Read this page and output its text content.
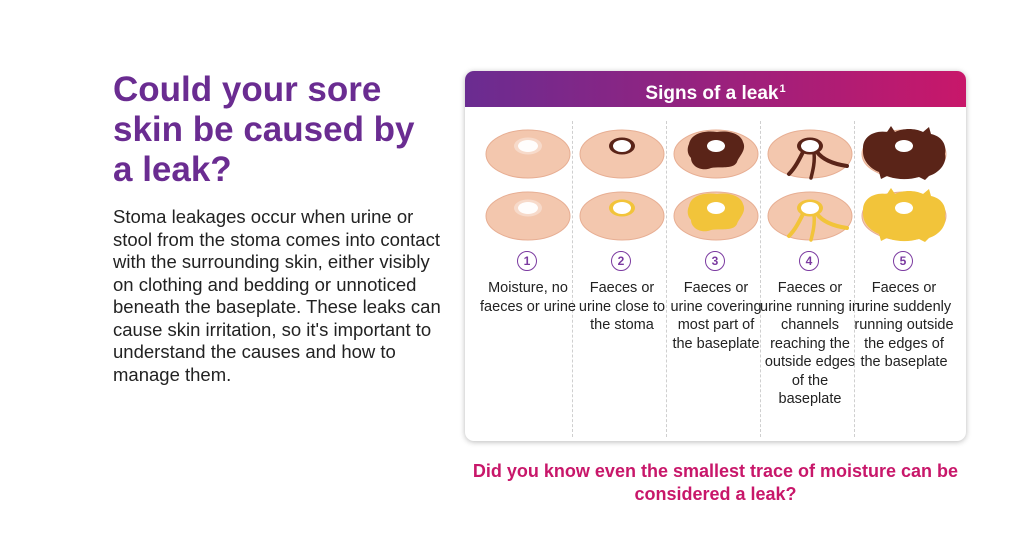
Could your sore skin be caused by a leak?

Stoma leakages occur when urine or stool from the stoma comes into contact with the surrounding skin, either visibly on clothing and bedding or unnoticed beneath the baseplate. These leaks can cause skin irritation, so it's important to understand the causes and how to manage them.

Signs of a leak$^1$
1

Moisture, no faeces or urine

2

Faeces or urine close to the stoma

3

Faeces or urine covering most part of the baseplate

4

Faeces or urine running in channels reaching the outside edges of the baseplate

5

Faeces or urine suddenly running outside the edges of the baseplate

Did you know even the smallest trace of moisture can be considered a leak?
